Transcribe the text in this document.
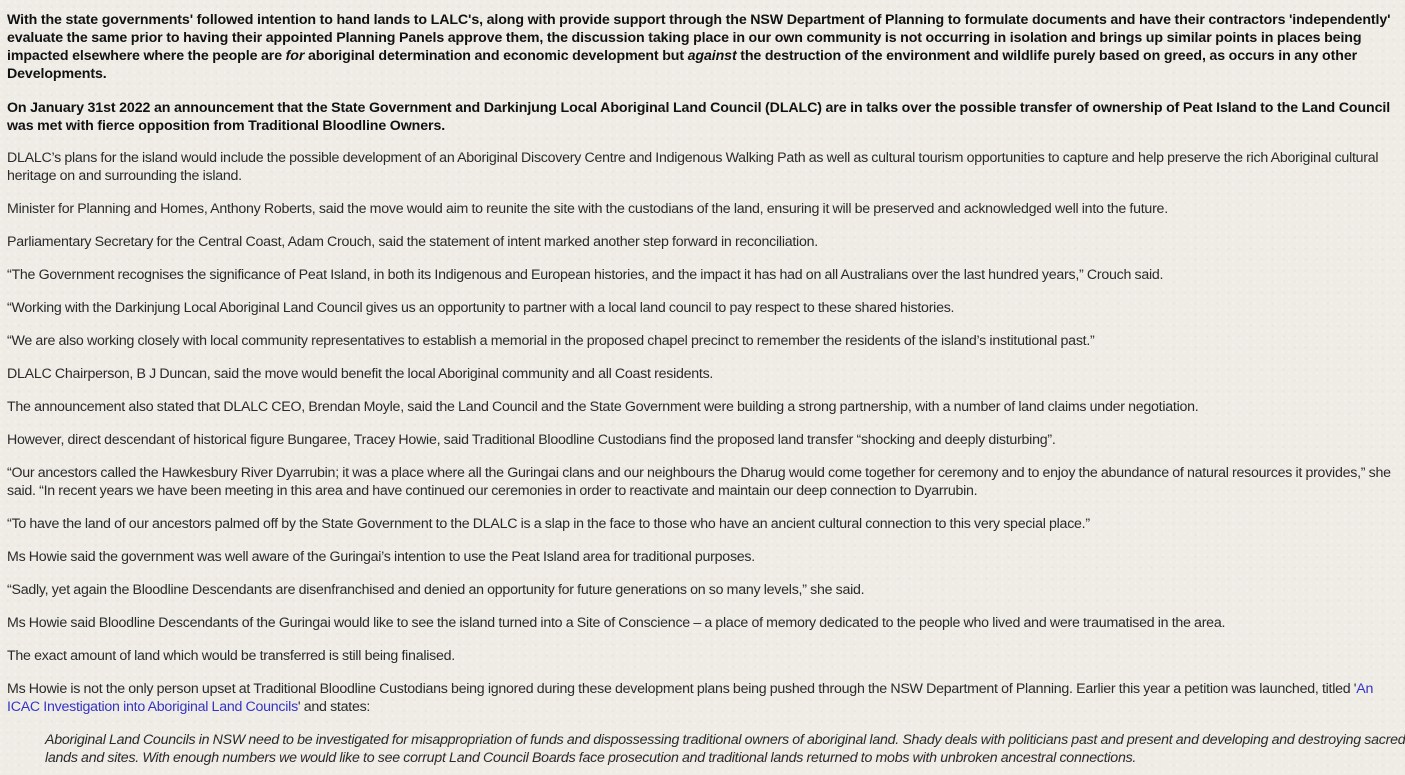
With the state governments' followed intention to hand lands to LALC's, along with provide support through the NSW Department of Planning to formulate documents and have their contractors 'independently' evaluate the same prior to having their appointed Planning Panels approve them, the discussion taking place in our own community is not occurring in isolation and brings up similar points in places being impacted elsewhere where the people are for aboriginal determination and economic development but against the destruction of the environment and wildlife purely based on greed, as occurs in any other Developments.

On January 31st 2022 an announcement that the State Government and Darkinjung Local Aboriginal Land Council (DLALC) are in talks over the possible transfer of ownership of Peat Island to the Land Council was met with fierce opposition from Traditional Bloodline Owners.

DLALC’s plans for the island would include the possible development of an Aboriginal Discovery Centre and Indigenous Walking Path as well as cultural tourism opportunities to capture and help preserve the rich Aboriginal cultural heritage on and surrounding the island.

Minister for Planning and Homes, Anthony Roberts, said the move would aim to reunite the site with the custodians of the land, ensuring it will be preserved and acknowledged well into the future.

Parliamentary Secretary for the Central Coast, Adam Crouch, said the statement of intent marked another step forward in reconciliation.

“The Government recognises the significance of Peat Island, in both its Indigenous and European histories, and the impact it has had on all Australians over the last hundred years,” Crouch said.

“Working with the Darkinjung Local Aboriginal Land Council gives us an opportunity to partner with a local land council to pay respect to these shared histories.

“We are also working closely with local community representatives to establish a memorial in the proposed chapel precinct to remember the residents of the island’s institutional past.”

DLALC Chairperson, B J Duncan, said the move would benefit the local Aboriginal community and all Coast residents.

The announcement also stated that DLALC CEO, Brendan Moyle, said the Land Council and the State Government were building a strong partnership, with a number of land claims under negotiation.

However, direct descendant of historical figure Bungaree, Tracey Howie, said Traditional Bloodline Custodians find the proposed land transfer “shocking and deeply disturbing”.

“Our ancestors called the Hawkesbury River Dyarrubin; it was a place where all the Guringai clans and our neighbours the Dharug would come together for ceremony and to enjoy the abundance of natural resources it provides,” she said. “In recent years we have been meeting in this area and have continued our ceremonies in order to reactivate and maintain our deep connection to Dyarrubin.

“To have the land of our ancestors palmed off by the State Government to the DLALC is a slap in the face to those who have an ancient cultural connection to this very special place.”

Ms Howie said the government was well aware of the Guringai’s intention to use the Peat Island area for traditional purposes.

“Sadly, yet again the Bloodline Descendants are disenfranchised and denied an opportunity for future generations on so many levels,” she said.

Ms Howie said Bloodline Descendants of the Guringai would like to see the island turned into a Site of Conscience – a place of memory dedicated to the people who lived and were traumatised in the area.

The exact amount of land which would be transferred is still being finalised.

Ms Howie is not the only person upset at Traditional Bloodline Custodians being ignored during these development plans being pushed through the NSW Department of Planning. Earlier this year a petition was launched, titled 'An ICAC Investigation into Aboriginal Land Councils' and states:

Aboriginal Land Councils in NSW need to be investigated for misappropriation of funds and dispossessing traditional owners of aboriginal land. Shady deals with politicians past and present and developing and destroying sacred lands and sites. With enough numbers we would like to see corrupt Land Council Boards face prosecution and traditional lands returned to mobs with unbroken ancestral connections.
